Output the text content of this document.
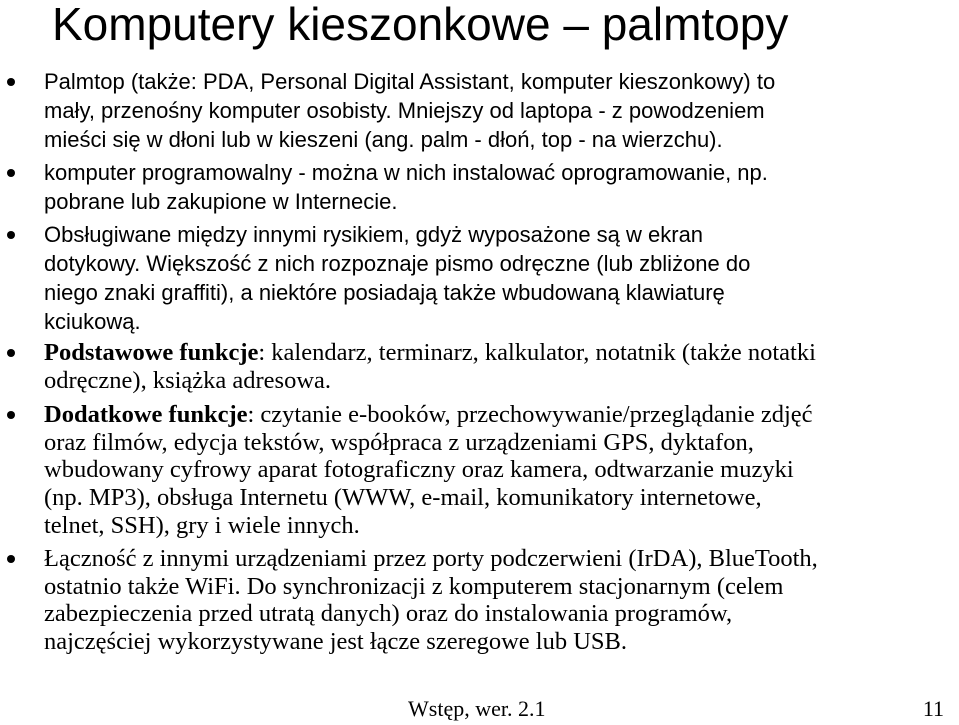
Komputery kieszonkowe – palmtopy
Palmtop (także: PDA, Personal Digital Assistant, komputer kieszonkowy) to
mały, przenośny komputer osobisty. Mniejszy od laptopa - z powodzeniem
mieści się w dłoni lub w kieszeni (ang. palm - dłoń, top - na wierzchu).
komputer programowalny - można w nich instalować oprogramowanie, np.
pobrane lub zakupione w Internecie.
Obsługiwane między innymi rysikiem, gdyż wyposażone są w ekran
dotykowy. Większość z nich rozpoznaje pismo odręczne (lub zbliżone do
niego znaki graffiti), a niektóre posiadają także wbudowaną klawiaturę
kciukową.
Podstawowe funkcje: kalendarz, terminarz, kalkulator, notatnik (także notatki
odręczne), książka adresowa.
Dodatkowe funkcje: czytanie e-booków, przechowywanie/przeglądanie zdjęć
oraz filmów, edycja tekstów, współpraca z urządzeniami GPS, dyktafon,
wbudowany cyfrowy aparat fotograficzny oraz kamera, odtwarzanie muzyki
(np. MP3), obsługa Internetu (WWW, e-mail, komunikatory internetowe,
telnet, SSH), gry i wiele innych.
Łączność z innymi urządzeniami przez porty podczerwieni (IrDA), BlueTooth,
ostatnio także WiFi. Do synchronizacji z komputerem stacjonarnym (celem
zabezpieczenia przed utratą danych) oraz do instalowania programów,
najczęściej wykorzystywane jest łącze szeregowe lub USB.
Wstęp, wer. 2.1	11
